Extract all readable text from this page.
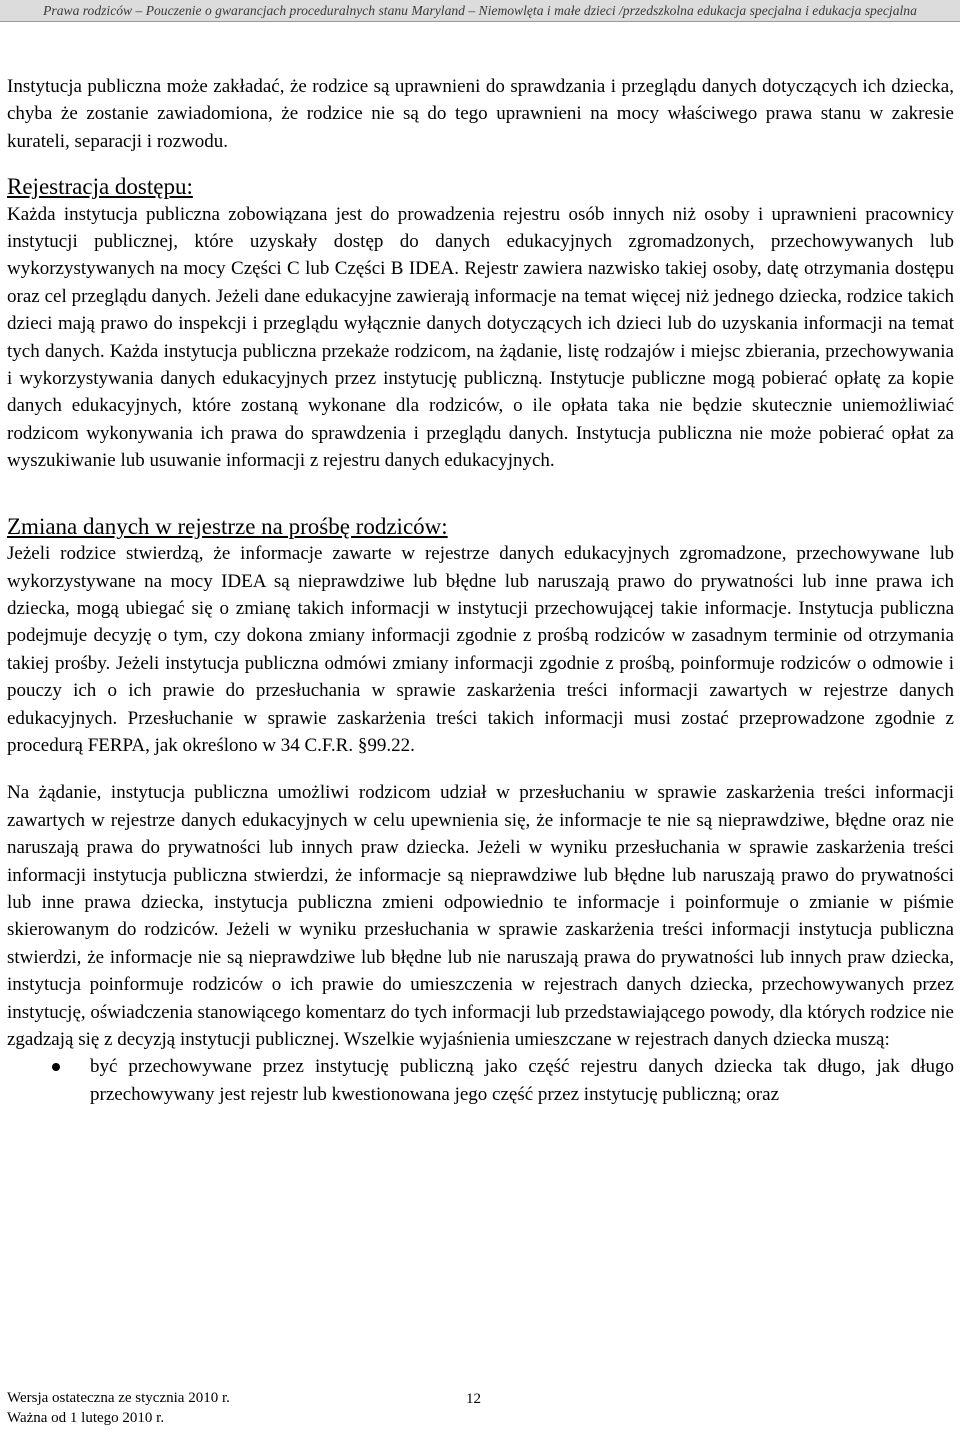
Prawa rodziców – Pouczenie o gwarancjach proceduralnych stanu Maryland – Niemowlęta i małe dzieci /przedszkolna edukacja specjalna i edukacja specjalna

Instytucja publiczna może zakładać, że rodzice są uprawnieni do sprawdzania i przeglądu danych dotyczących ich dziecka, chyba że zostanie zawiadomiona, że rodzice nie są do tego uprawnieni na mocy właściwego prawa stanu w zakresie kurateli, separacji i rozwodu.

Rejestracja dostępu:

Każda instytucja publiczna zobowiązana jest do prowadzenia rejestru osób innych niż osoby i uprawnieni pracownicy instytucji publicznej, które uzyskały dostęp do danych edukacyjnych zgromadzonych, przechowywanych lub wykorzystywanych na mocy Części C lub Części B IDEA. Rejestr zawiera nazwisko takiej osoby, datę otrzymania dostępu oraz cel przeglądu danych. Jeżeli dane edukacyjne zawierają informacje na temat więcej niż jednego dziecka, rodzice takich dzieci mają prawo do inspekcji i przeglądu wyłącznie danych dotyczących ich dzieci lub do uzyskania informacji na temat tych danych. Każda instytucja publiczna przekaże rodzicom, na żądanie, listę rodzajów i miejsc zbierania, przechowywania i wykorzystywania danych edukacyjnych przez instytucję publiczną. Instytucje publiczne mogą pobierać opłatę za kopie danych edukacyjnych, które zostaną wykonane dla rodziców, o ile opłata taka nie będzie skutecznie uniemożliwiać rodzicom wykonywania ich prawa do sprawdzenia i przeglądu danych. Instytucja publiczna nie może pobierać opłat za wyszukiwanie lub usuwanie informacji z rejestru danych edukacyjnych.

Zmiana danych w rejestrze na prośbę rodziców:

Jeżeli rodzice stwierdzą, że informacje zawarte w rejestrze danych edukacyjnych zgromadzone, przechowywane lub wykorzystywane na mocy IDEA są nieprawdziwe lub błędne lub naruszają prawo do prywatności lub inne prawa ich dziecka, mogą ubiegać się o zmianę takich informacji w instytucji przechowującej takie informacje. Instytucja publiczna podejmuje decyzję o tym, czy dokona zmiany informacji zgodnie z prośbą rodziców w zasadnym terminie od otrzymania takiej prośby. Jeżeli instytucja publiczna odmówi zmiany informacji zgodnie z prośbą, poinformuje rodziców o odmowie i pouczy ich o ich prawie do przesłuchania w sprawie zaskarżenia treści informacji zawartych w rejestrze danych edukacyjnych. Przesłuchanie w sprawie zaskarżenia treści takich informacji musi zostać przeprowadzone zgodnie z procedurą FERPA, jak określono w 34 C.F.R. §99.22.

Na żądanie, instytucja publiczna umożliwi rodzicom udział w przesłuchaniu w sprawie zaskarżenia treści informacji zawartych w rejestrze danych edukacyjnych w celu upewnienia się, że informacje te nie są nieprawdziwe, błędne oraz nie naruszają prawa do prywatności lub innych praw dziecka. Jeżeli w wyniku przesłuchania w sprawie zaskarżenia treści informacji instytucja publiczna stwierdzi, że informacje są nieprawdziwe lub błędne lub naruszają prawo do prywatności lub inne prawa dziecka, instytucja publiczna zmieni odpowiednio te informacje i poinformuje o zmianie w piśmie skierowanym do rodziców. Jeżeli w wyniku przesłuchania w sprawie zaskarżenia treści informacji instytucja publiczna stwierdzi, że informacje nie są nieprawdziwe lub błędne lub nie naruszają prawa do prywatności lub innych praw dziecka, instytucja poinformuje rodziców o ich prawie do umieszczenia w rejestrach danych dziecka, przechowywanych przez instytucję, oświadczenia stanowiącego komentarz do tych informacji lub przedstawiającego powody, dla których rodzice nie zgadzają się z decyzją instytucji publicznej. Wszelkie wyjaśnienia umieszczane w rejestrach danych dziecka muszą:

być przechowywane przez instytucję publiczną jako część rejestru danych dziecka tak długo, jak długo przechowywany jest rejestr lub kwestionowana jego część przez instytucję publiczną; oraz
Wersja ostateczna ze stycznia 2010 r.
Ważna od 1 lutego 2010 r.
12
